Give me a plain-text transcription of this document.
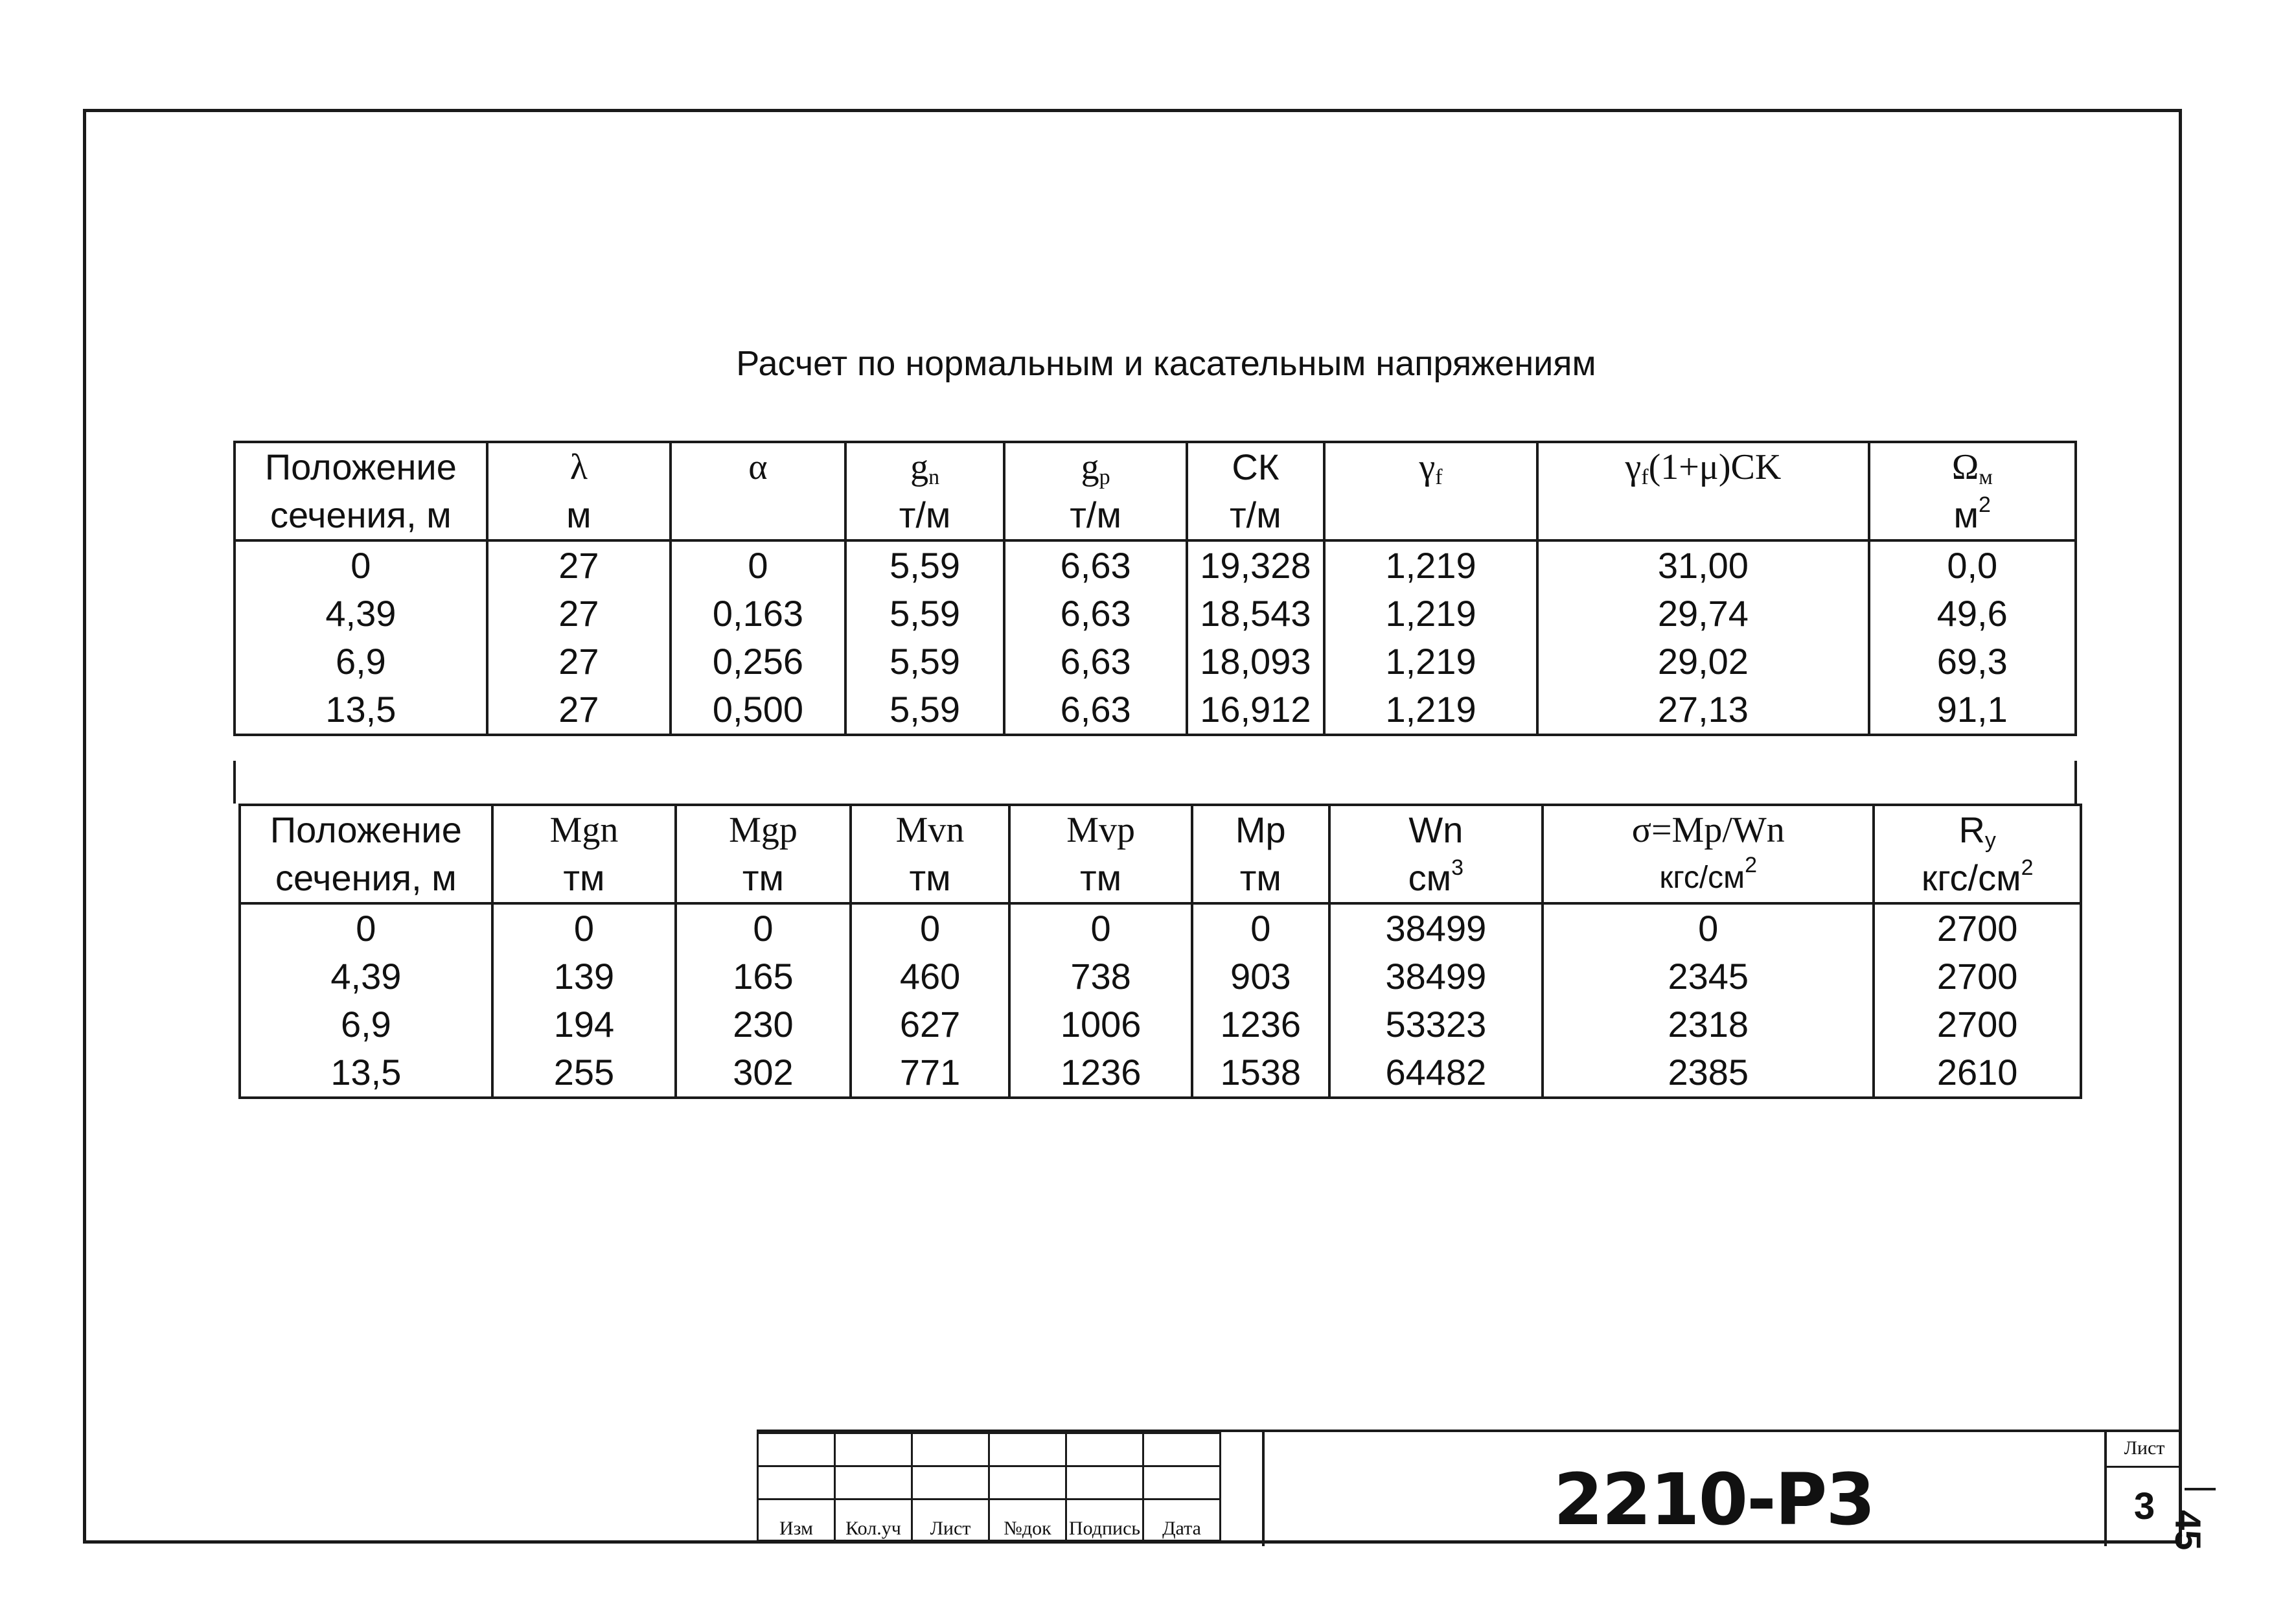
Расчет по нормальным и касательным напряжениям
Положение	λ	α	$g_n$	$g_p$	СК	$\gamma_f$	$\gamma_f(1+\mu)CK$	$\Omega_м$
сечения, м	м		т/м	т/м	т/м			$м^2$
0	27	0	5,59	6,63	19,328	1,219	31,00	0,0
4,39	27	0,163	5,59	6,63	18,543	1,219	29,74	49,6
6,9	27	0,256	5,59	6,63	18,093	1,219	29,02	69,3
13,5	27	0,500	5,59	6,63	16,912	1,219	27,13	91,1
Положение	Mgn	Mgp	Mvn	Mvp	Mp	Wn	σ=Mp/Wn	$R_y$
сечения, м	тм	тм	тм	тм	тм	$см^3$	кгс/$см^2$	кгс/$см^2$
0	0	0	0	0	0	38499	0	2700
4,39	139	165	460	738	903	38499	2345	2700
6,9	194	230	627	1006	1236	53323	2318	2700
13,5	255	302	771	1236	1538	64482	2385	2610

Изм	Кол.уч	Лист	№док	Подпись	Дата	2210-Р3
Лист
3
45
